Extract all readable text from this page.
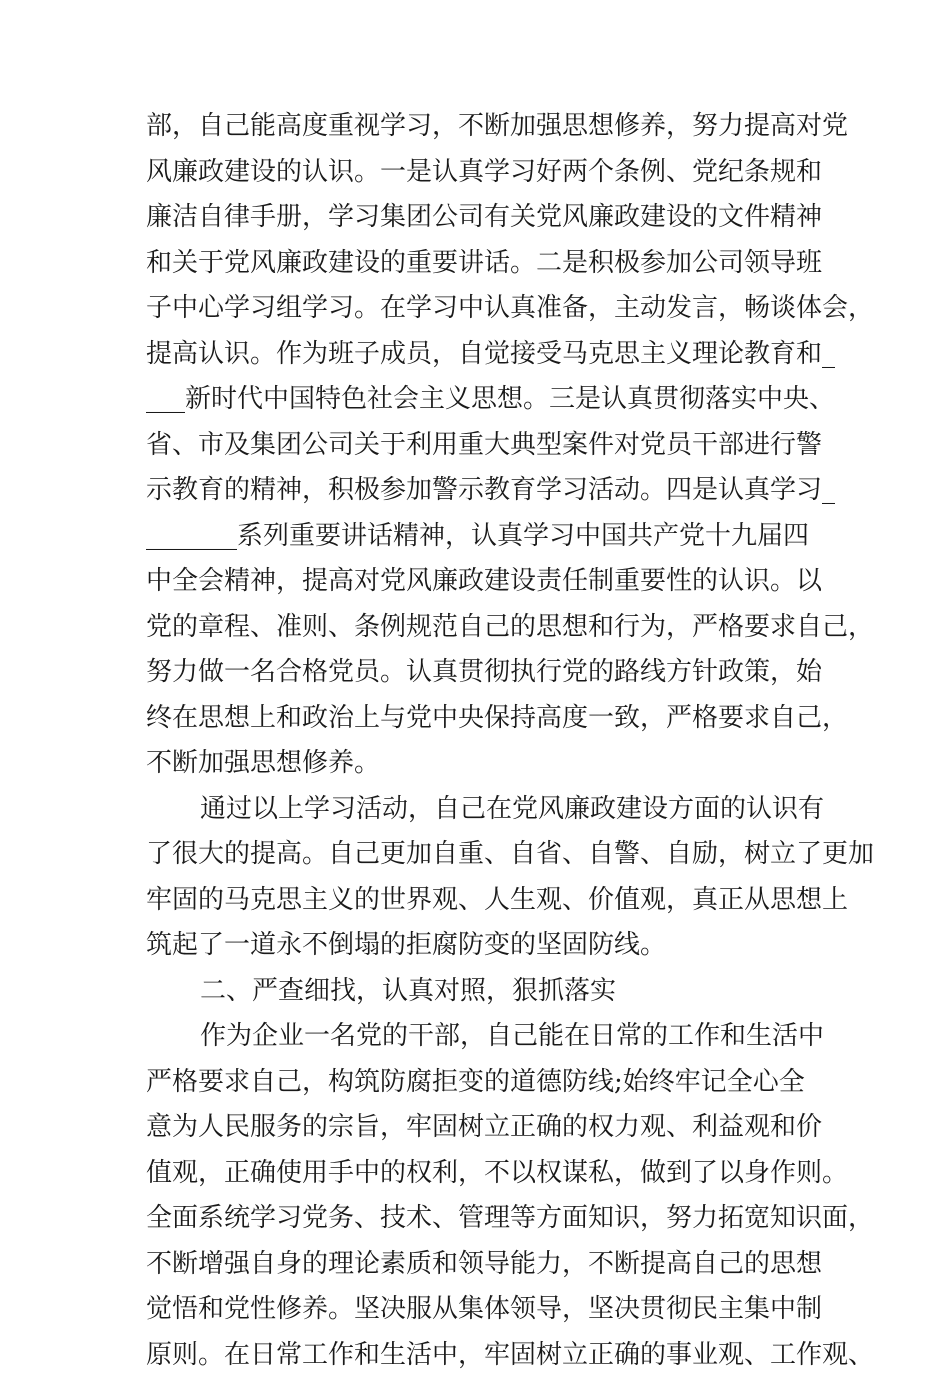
部，自己能高度重视学习，不断加强思想修养，努力提高对党
风廉政建设的认识。一是认真学习好两个条例、党纪条规和
廉洁自律手册，学习集团公司有关党风廉政建设的文件精神
和关于党风廉政建设的重要讲话。二是积极参加公司领导班
子中心学习组学习。在学习中认真准备，主动发言，畅谈体会，
提高认识。作为班子成员，自觉接受马克思主义理论教育和_
___新时代中国特色社会主义思想。三是认真贯彻落实中央、
省、市及集团公司关于利用重大典型案件对党员干部进行警
示教育的精神，积极参加警示教育学习活动。四是认真学习_
_______系列重要讲话精神，认真学习中国共产党十九届四
中全会精神，提高对党风廉政建设责任制重要性的认识。以
党的章程、准则、条例规范自己的思想和行为，严格要求自己，
努力做一名合格党员。认真贯彻执行党的路线方针政策，始
终在思想上和政治上与党中央保持高度一致，严格要求自己，
不断加强思想修养。
通过以上学习活动，自己在党风廉政建设方面的认识有
了很大的提高。自己更加自重、自省、自警、自励，树立了更加
牢固的马克思主义的世界观、人生观、价值观，真正从思想上
筑起了一道永不倒塌的拒腐防变的坚固防线。
二、严查细找，认真对照，狠抓落实
作为企业一名党的干部，自己能在日常的工作和生活中
严格要求自己，构筑防腐拒变的道德防线;始终牢记全心全
意为人民服务的宗旨，牢固树立正确的权力观、利益观和价
值观，正确使用手中的权利，不以权谋私，做到了以身作则。
全面系统学习党务、技术、管理等方面知识，努力拓宽知识面，
不断增强自身的理论素质和领导能力，不断提高自己的思想
觉悟和党性修养。坚决服从集体领导，坚决贯彻民主集中制
原则。在日常工作和生活中，牢固树立正确的事业观、工作观、
